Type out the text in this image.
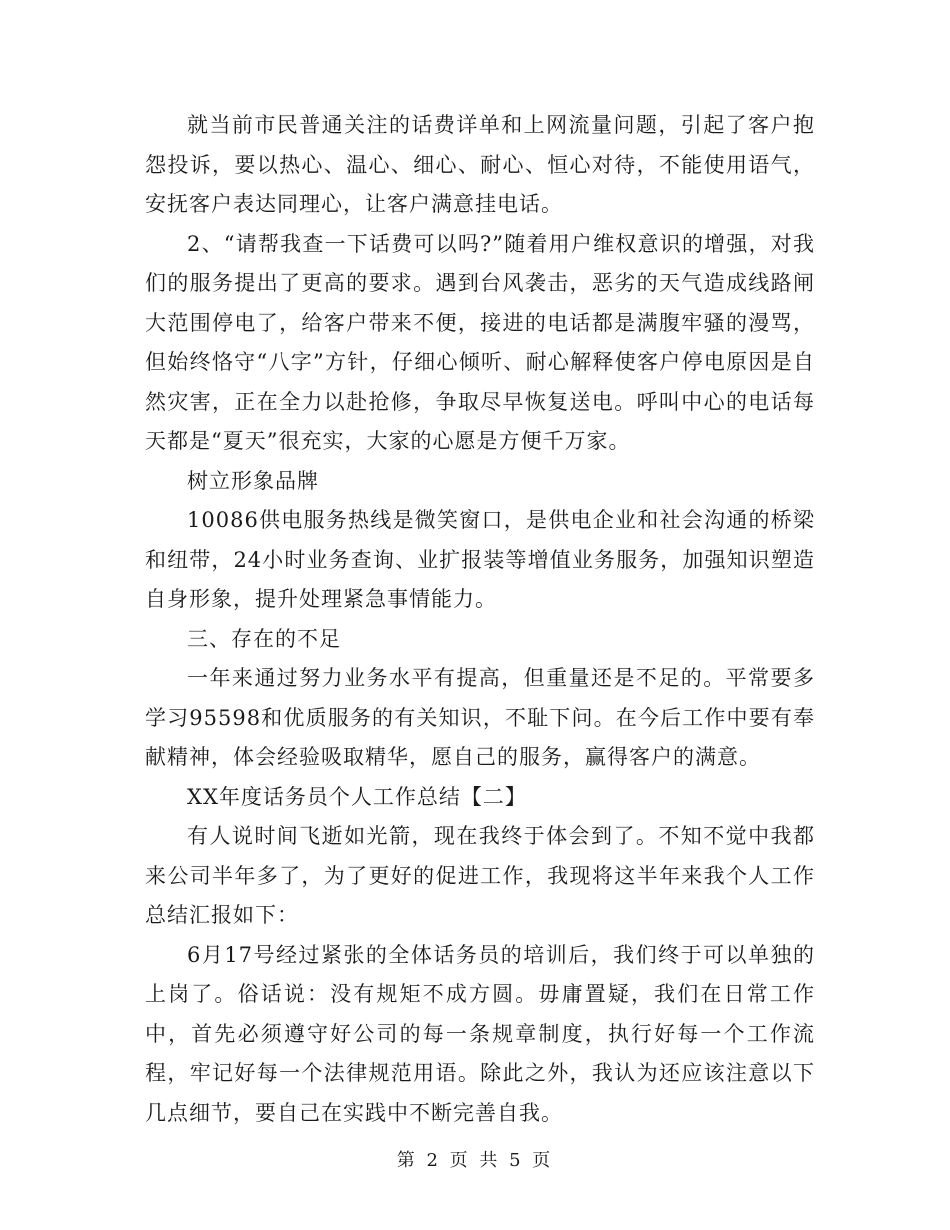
就当前市民普通关注的话费详单和上网流量问题，引起了客户抱怨投诉，要以热心、温心、细心、耐心、恒心对待，不能使用语气，安抚客户表达同理心，让客户满意挂电话。

2、“请帮我查一下话费可以吗?”随着用户维权意识的增强，对我们的服务提出了更高的要求。遇到台风袭击，恶劣的天气造成线路闸大范围停电了，给客户带来不便，接进的电话都是满腹牢骚的漫骂，但始终恪守“八字”方针，仔细心倾听、耐心解释使客户停电原因是自然灾害，正在全力以赴抢修，争取尽早恢复送电。呼叫中心的电话每天都是“夏天”很充实，大家的心愿是方便千万家。

树立形象品牌

10086供电服务热线是微笑窗口，是供电企业和社会沟通的桥梁和纽带，24小时业务查询、业扩报装等增值业务服务，加强知识塑造自身形象，提升处理紧急事情能力。

三、存在的不足

一年来通过努力业务水平有提高，但重量还是不足的。平常要多学习95598和优质服务的有关知识，不耻下问。在今后工作中要有奉献精神，体会经验吸取精华，愿自己的服务，赢得客户的满意。

XX年度话务员个人工作总结【二】

有人说时间飞逝如光箭，现在我终于体会到了。不知不觉中我都来公司半年多了，为了更好的促进工作，我现将这半年来我个人工作总结汇报如下：

6月17号经过紧张的全体话务员的培训后，我们终于可以单独的上岗了。俗话说：没有规矩不成方圆。毋庸置疑，我们在日常工作中，首先必须遵守好公司的每一条规章制度，执行好每一个工作流程，牢记好每一个法律规范用语。除此之外，我认为还应该注意以下几点细节，要自己在实践中不断完善自我。

第 2 页 共 5 页
